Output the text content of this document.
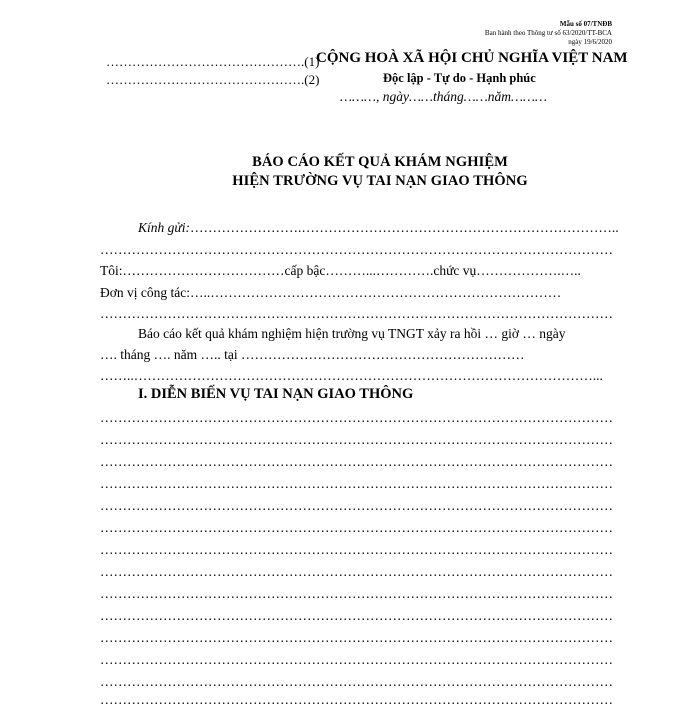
Mẫu số 07/TNĐB
Ban hành theo Thông tư số 63/2020/TT-BCA
ngày 19/6/2020
……………………………………….(1)
……………………………………….(2)
CỘNG HOÀ XÃ HỘI CHỦ NGHĨA VIỆT NAM
Độc lập - Tự do - Hạnh phúc
………, ngày……tháng……năm………
BÁO CÁO KẾT QUẢ KHÁM NGHIỆM
HIỆN TRƯỜNG VỤ TAI NẠN GIAO THÔNG
Kính gửi:…………………….……………………………………………………………..
……………………………………………………………………………………………………
Tôi:………………………………cấp bậc………...………….chức vụ……………….…..
Đơn vị công tác:…..……………………………………………………………………
……………………………………………………………………………………………………
Báo cáo kết quả khám nghiệm hiện trường vụ TNGT xảy ra hồi … giờ … ngày
…. tháng …. năm ….. tại ………………………………………………………
……..…………………………………………………………………………………………...
I. DIỄN BIẾN VỤ TAI NẠN GIAO THÔNG
……………………………………………………………………………………………………
……………………………………………………………………………………………………
……………………………………………………………………………………………………
……………………………………………………………………………………………………
……………………………………………………………………………………………………
……………………………………………………………………………………………………
……………………………………………………………………………………………………
……………………………………………………………………………………………………
……………………………………………………………………………………………………
……………………………………………………………………………………………………
……………………………………………………………………………………………………
……………………………………………………………………………………………………
……………………………………………………………………………………………………
……………………………………………………………………………………………………
